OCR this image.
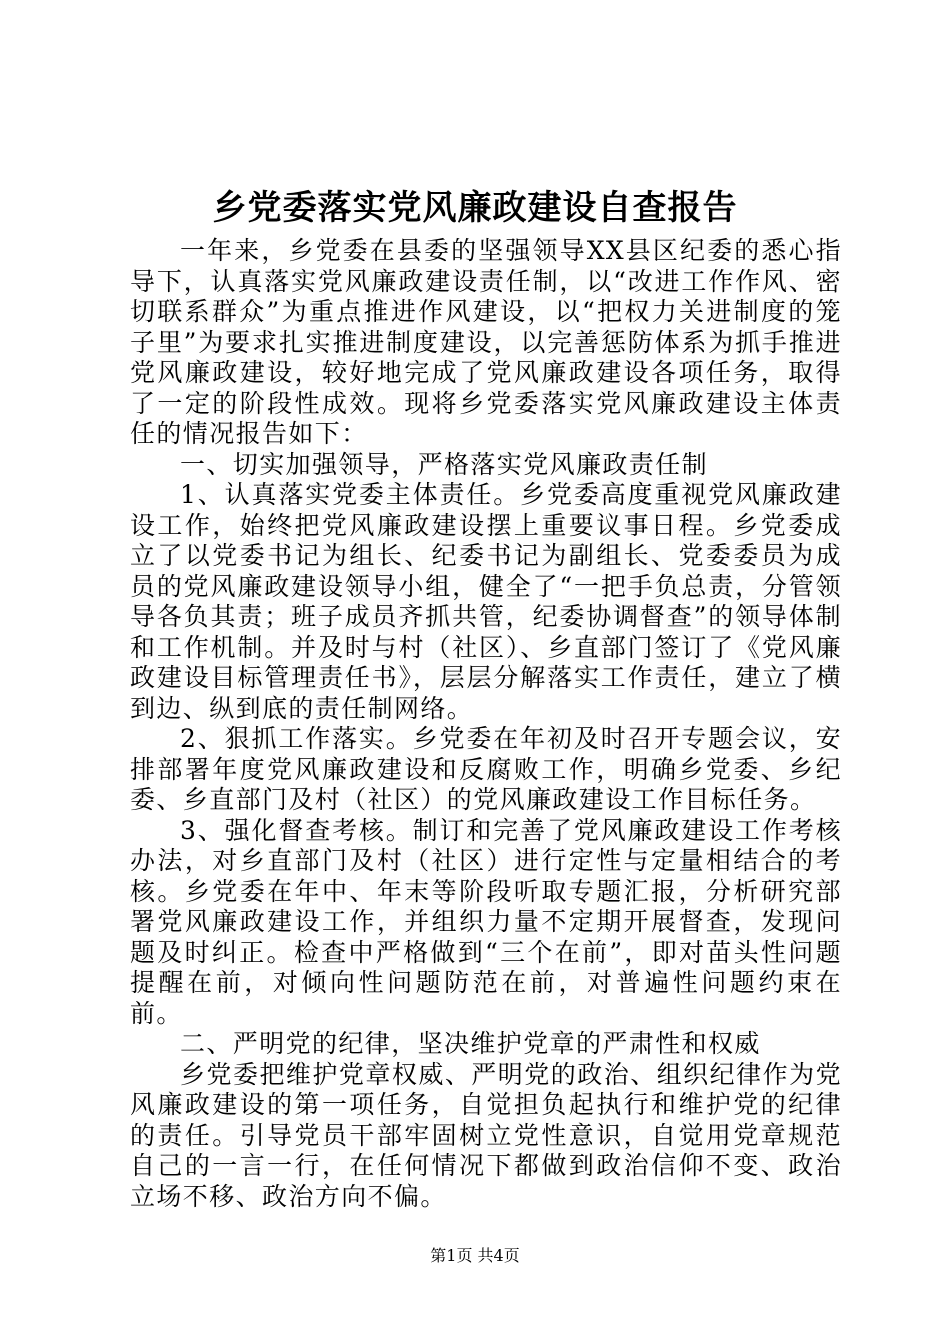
乡党委落实党风廉政建设自查报告

一年来，乡党委在县委的坚强领导XX县区纪委的悉心指导下，认真落实党风廉政建设责任制，以“改进工作作风、密切联系群众”为重点推进作风建设，以“把权力关进制度的笼子里”为要求扎实推进制度建设，以完善惩防体系为抓手推进党风廉政建设，较好地完成了党风廉政建设各项任务，取得了一定的阶段性成效。现将乡党委落实党风廉政建设主体责任的情况报告如下：

一、切实加强领导，严格落实党风廉政责任制

1、认真落实党委主体责任。乡党委高度重视党风廉政建设工作，始终把党风廉政建设摆上重要议事日程。乡党委成立了以党委书记为组长、纪委书记为副组长、党委委员为成员的党风廉政建设领导小组，健全了“一把手负总责，分管领导各负其责；班子成员齐抓共管，纪委协调督查”的领导体制和工作机制。并及时与村（社区）、乡直部门签订了《党风廉政建设目标管理责任书》，层层分解落实工作责任，建立了横到边、纵到底的责任制网络。

2、狠抓工作落实。乡党委在年初及时召开专题会议，安排部署年度党风廉政建设和反腐败工作，明确乡党委、乡纪委、乡直部门及村（社区）的党风廉政建设工作目标任务。

3、强化督查考核。制订和完善了党风廉政建设工作考核办法，对乡直部门及村（社区）进行定性与定量相结合的考核。乡党委在年中、年末等阶段听取专题汇报，分析研究部署党风廉政建设工作，并组织力量不定期开展督查，发现问题及时纠正。检查中严格做到“三个在前”，即对苗头性问题提醒在前，对倾向性问题防范在前，对普遍性问题约束在前。

二、严明党的纪律，坚决维护党章的严肃性和权威

乡党委把维护党章权威、严明党的政治、组织纪律作为党风廉政建设的第一项任务，自觉担负起执行和维护党的纪律的责任。引导党员干部牢固树立党性意识，自觉用党章规范自己的一言一行，在任何情况下都做到政治信仰不变、政治立场不移、政治方向不偏。

第1页 共4页
